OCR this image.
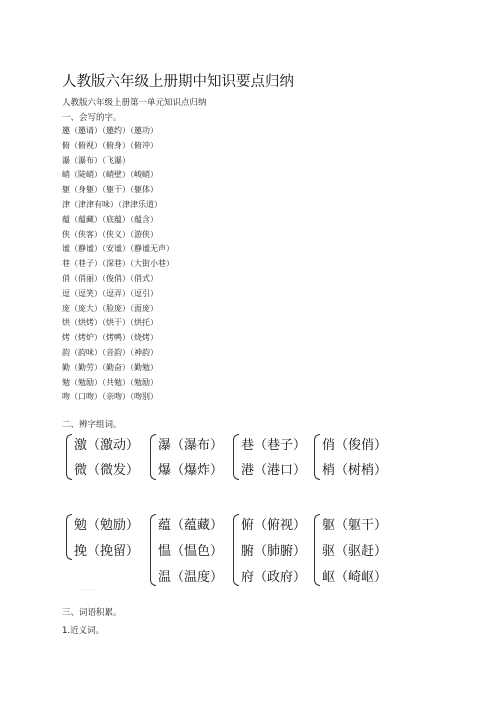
人教版六年级上册期中知识要点归纳
人教版六年级上册第一单元知识点归纳
一、会写的字。
邀（邀请）（邀约）（邀功）
俯（俯视）（俯身）（俯冲）
瀑（瀑布）（飞瀑）
峭（陡峭）（峭壁）（峻峭）
躯（身躯）（躯干）（躯体）
津（津津有味）（津津乐道）
蕴（蕴藏）（底蕴）（蕴含）
侠（侠客）（侠义）（游侠）
谧（静谧）（安谧）（静谧无声）
巷（巷子）（深巷）（大街小巷）
俏（俏丽）（俊俏）（俏式）
逗（逗笑）（逗弄）（逗引）
庞（庞大）（脸庞）（面庞）
烘（烘烤）（烘干）（烘托）
烤（烤炉）（烤鸭）（烧烤）
韵（韵味）（音韵）（神韵）
勤（勤劳）（勤奋）（勤勉）
勉（勉励）（共勉）（勉励）
吻（口吻）（亲吻）（吻别）
二、辨字组词。
激（激动）
微（微发）
瀑（瀑布）
爆（爆炸）
巷（巷子）
港（港口）
俏（俊俏）
梢（树梢）
勉（勉励）
挽（挽留）
蕴（蕴藏）
愠（愠色）
温（温度）
俯（俯视）
腑（肺腑）
府（政府）
躯（躯干）
驱（驱赶）
岖（崎岖）
……
三、词语积累。
1.近义词。
